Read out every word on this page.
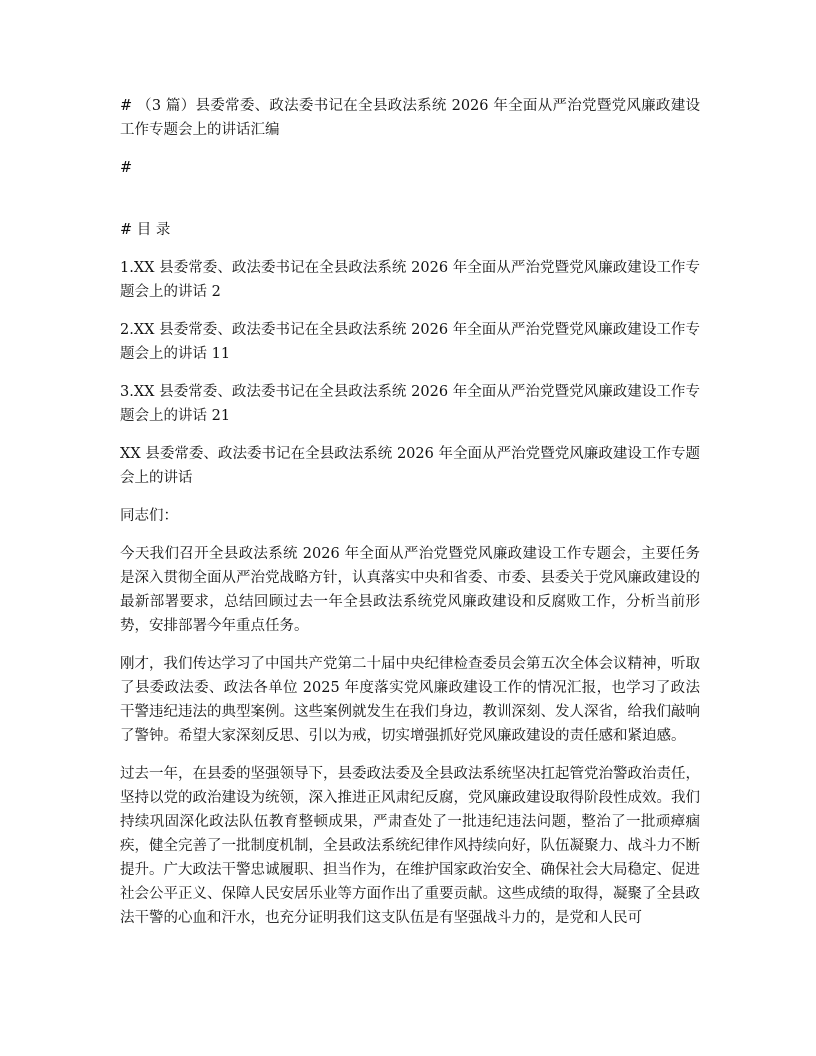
# （3 篇）县委常委、政法委书记在全县政法系统 2026 年全面从严治党暨党风廉政建设工作专题会上的讲话汇编

#

# 目 录

1.XX 县委常委、政法委书记在全县政法系统 2026 年全面从严治党暨党风廉政建设工作专题会上的讲话 2

2.XX 县委常委、政法委书记在全县政法系统 2026 年全面从严治党暨党风廉政建设工作专题会上的讲话 11

3.XX 县委常委、政法委书记在全县政法系统 2026 年全面从严治党暨党风廉政建设工作专题会上的讲话 21

XX 县委常委、政法委书记在全县政法系统 2026 年全面从严治党暨党风廉政建设工作专题会上的讲话

同志们：

今天我们召开全县政法系统 2026 年全面从严治党暨党风廉政建设工作专题会，主要任务是深入贯彻全面从严治党战略方针，认真落实中央和省委、市委、县委关于党风廉政建设的最新部署要求，总结回顾过去一年全县政法系统党风廉政建设和反腐败工作，分析当前形势，安排部署今年重点任务。

刚才，我们传达学习了中国共产党第二十届中央纪律检查委员会第五次全体会议精神，听取了县委政法委、政法各单位 2025 年度落实党风廉政建设工作的情况汇报，也学习了政法干警违纪违法的典型案例。这些案例就发生在我们身边，教训深刻、发人深省，给我们敲响了警钟。希望大家深刻反思、引以为戒，切实增强抓好党风廉政建设的责任感和紧迫感。

过去一年，在县委的坚强领导下，县委政法委及全县政法系统坚决扛起管党治警政治责任，坚持以党的政治建设为统领，深入推进正风肃纪反腐，党风廉政建设取得阶段性成效。我们持续巩固深化政法队伍教育整顿成果，严肃查处了一批违纪违法问题，整治了一批顽瘴痼疾，健全完善了一批制度机制，全县政法系统纪律作风持续向好，队伍凝聚力、战斗力不断提升。广大政法干警忠诚履职、担当作为，在维护国家政治安全、确保社会大局稳定、促进社会公平正义、保障人民安居乐业等方面作出了重要贡献。这些成绩的取得，凝聚了全县政法干警的心血和汗水，也充分证明我们这支队伍是有坚强战斗力的，是党和人民可
